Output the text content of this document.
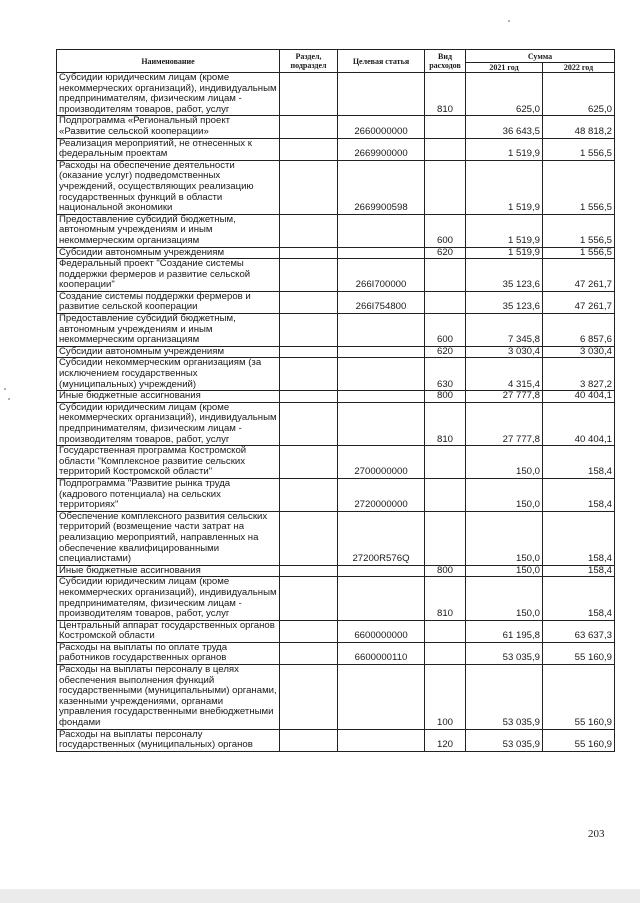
Наименование	Раздел, подраздел	Целевая статья	Вид расходов	Сумма	
				2021 год	2022 год
Субсидии юридическим лицам (кроме некоммерческих организаций), индивидуальным предпринимателям, физическим лицам - производителям товаров, работ, услуг			810	625,0	625,0
Подпрограмма «Региональный проект «Развитие сельской кооперации»		2660000000		36 643,5	48 818,2
Реализация мероприятий, не отнесенных к федеральным проектам		2669900000		1 519,9	1 556,5
Расходы на обеспечение деятельности (оказание услуг) подведомственных учреждений, осуществляющих реализацию государственных функций в области национальной экономики		2669900598		1 519,9	1 556,5
Предоставление субсидий бюджетным, автономным учреждениям и иным некоммерческим организациям			600	1 519,9	1 556,5
Субсидии автономным учреждениям			620	1 519,9	1 556,5
Федеральный проект "Создание системы поддержки фермеров и развитие сельской кооперации"		266I700000		35 123,6	47 261,7
Создание системы поддержки фермеров и развитие сельской кооперации		266I754800		35 123,6	47 261,7
Предоставление субсидий бюджетным, автономным учреждениям и иным некоммерческим организациям			600	7 345,8	6 857,6
Субсидии автономным учреждениям			620	3 030,4	3 030,4
Субсидии некоммерческим организациям (за исключением государственных (муниципальных) учреждений)			630	4 315,4	3 827,2
Иные бюджетные ассигнования			800	27 777,8	40 404,1
Субсидии юридическим лицам (кроме некоммерческих организаций), индивидуальным предпринимателям, физическим лицам - производителям товаров, работ, услуг			810	27 777,8	40 404,1
Государственная программа Костромской области "Комплексное развитие сельских территорий Костромской области"		2700000000		150,0	158,4
Подпрограмма "Развитие рынка труда (кадрового потенциала) на сельских территориях"		2720000000		150,0	158,4
Обеспечение комплексного развития сельских территорий (возмещение части затрат на реализацию мероприятий, направленных на обеспечение квалифицированными специалистами)		27200R576Q		150,0	158,4
Иные бюджетные ассигнования			800	150,0	158,4
Субсидии юридическим лицам (кроме некоммерческих организаций), индивидуальным предпринимателям, физическим лицам - производителям товаров, работ, услуг			810	150,0	158,4
Центральный аппарат государственных органов Костромской области		6600000000		61 195,8	63 637,3
Расходы на выплаты по оплате труда работников государственных органов		6600000110		53 035,9	55 160,9
Расходы на выплаты персоналу в целях обеспечения выполнения функций государственными (муниципальными) органами, казенными учреждениями, органами управления государственными внебюджетными фондами			100	53 035,9	55 160,9
Расходы на выплаты персоналу государственных (муниципальных) органов			120	53 035,9	55 160,9
203
